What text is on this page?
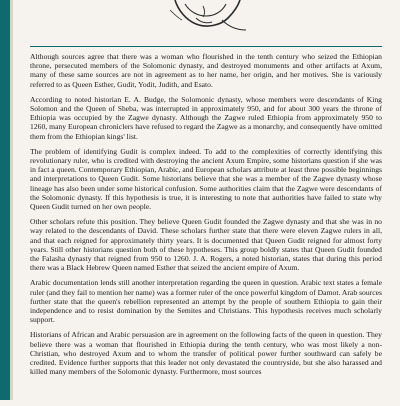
Although sources agree that there was a woman who flourished in the tenth century who seized the Ethiopian throne, persecuted members of the Solomonic dynasty, and destroyed monuments and other artifacts at Axum, many of these same sources are not in agreement as to her name, her origin, and her motives. She is variously referred to as Queen Esther, Gudit, Yodit, Judith, and Esato.

According to noted historian E. A. Budge, the Solomonic dynasty, whose members were descendants of King Solomon and the Queen of Sheba, was interrupted in approximately 950, and for about 300 years the throne of Ethiopia was occupied by the Zagwe dynasty. Although the Zagwe ruled Ethiopia from approximately 950 to 1260, many European chroniclers have refused to regard the Zagwe as a monarchy, and consequently have omitted them from the Ethiopian kings' list.

The problem of identifying Gudit is complex indeed. To add to the complexities of correctly identifying this revolutionary ruler, who is credited with destroying the ancient Axum Empire, some historians question if she was in fact a queen. Contemporary Ethiopian, Arabic, and European scholars attribute at least three possible beginnings and interpretations to Queen Gudit. Some historians believe that she was a member of the Zagwe dynasty whose lineage has also been under some historical confusion. Some authorities claim that the Zagwe were descendants of the Solomonic dynasty. If this hypothesis is true, it is interesting to note that authorities have failed to state why Queen Gudit turned on her own people.

Other scholars refute this position. They believe Queen Gudit founded the Zagwe dynasty and that she was in no way related to the descendants of David. These scholars further state that there were eleven Zagwe rulers in all, and that each reigned for approximately thirty years. It is documented that Queen Gudit reigned for almost forty years. Still other historians question both of these hypotheses. This group boldly states that Queen Gudit founded the Falasha dynasty that reigned from 950 to 1260. J. A. Rogers, a noted historian, states that during this period there was a Black Hebrew Queen named Esther that seized the ancient empire of Axum.

Arabic documentation lends still another interpretation regarding the queen in question. Arabic text states a female ruler (and they fail to mention her name) was a former ruler of the once powerful kingdom of Damot. Arab sources further state that the queen's rebellion represented an attempt by the people of southern Ethiopia to gain their independence and to resist domination by the Semites and Christians. This hypothesis receives much scholarly support.

Historians of African and Arabic persuasion are in agreement on the following facts of the queen in question. They believe there was a woman that flourished in Ethiopia during the tenth century, who was most likely a non-Christian, who destroyed Axum and to whom the transfer of political power further southward can safely be credited. Evidence further supports that this leader not only devastated the countryside, but she also harassed and killed many members of the Solomonic dynasty. Furthermore, most sources
